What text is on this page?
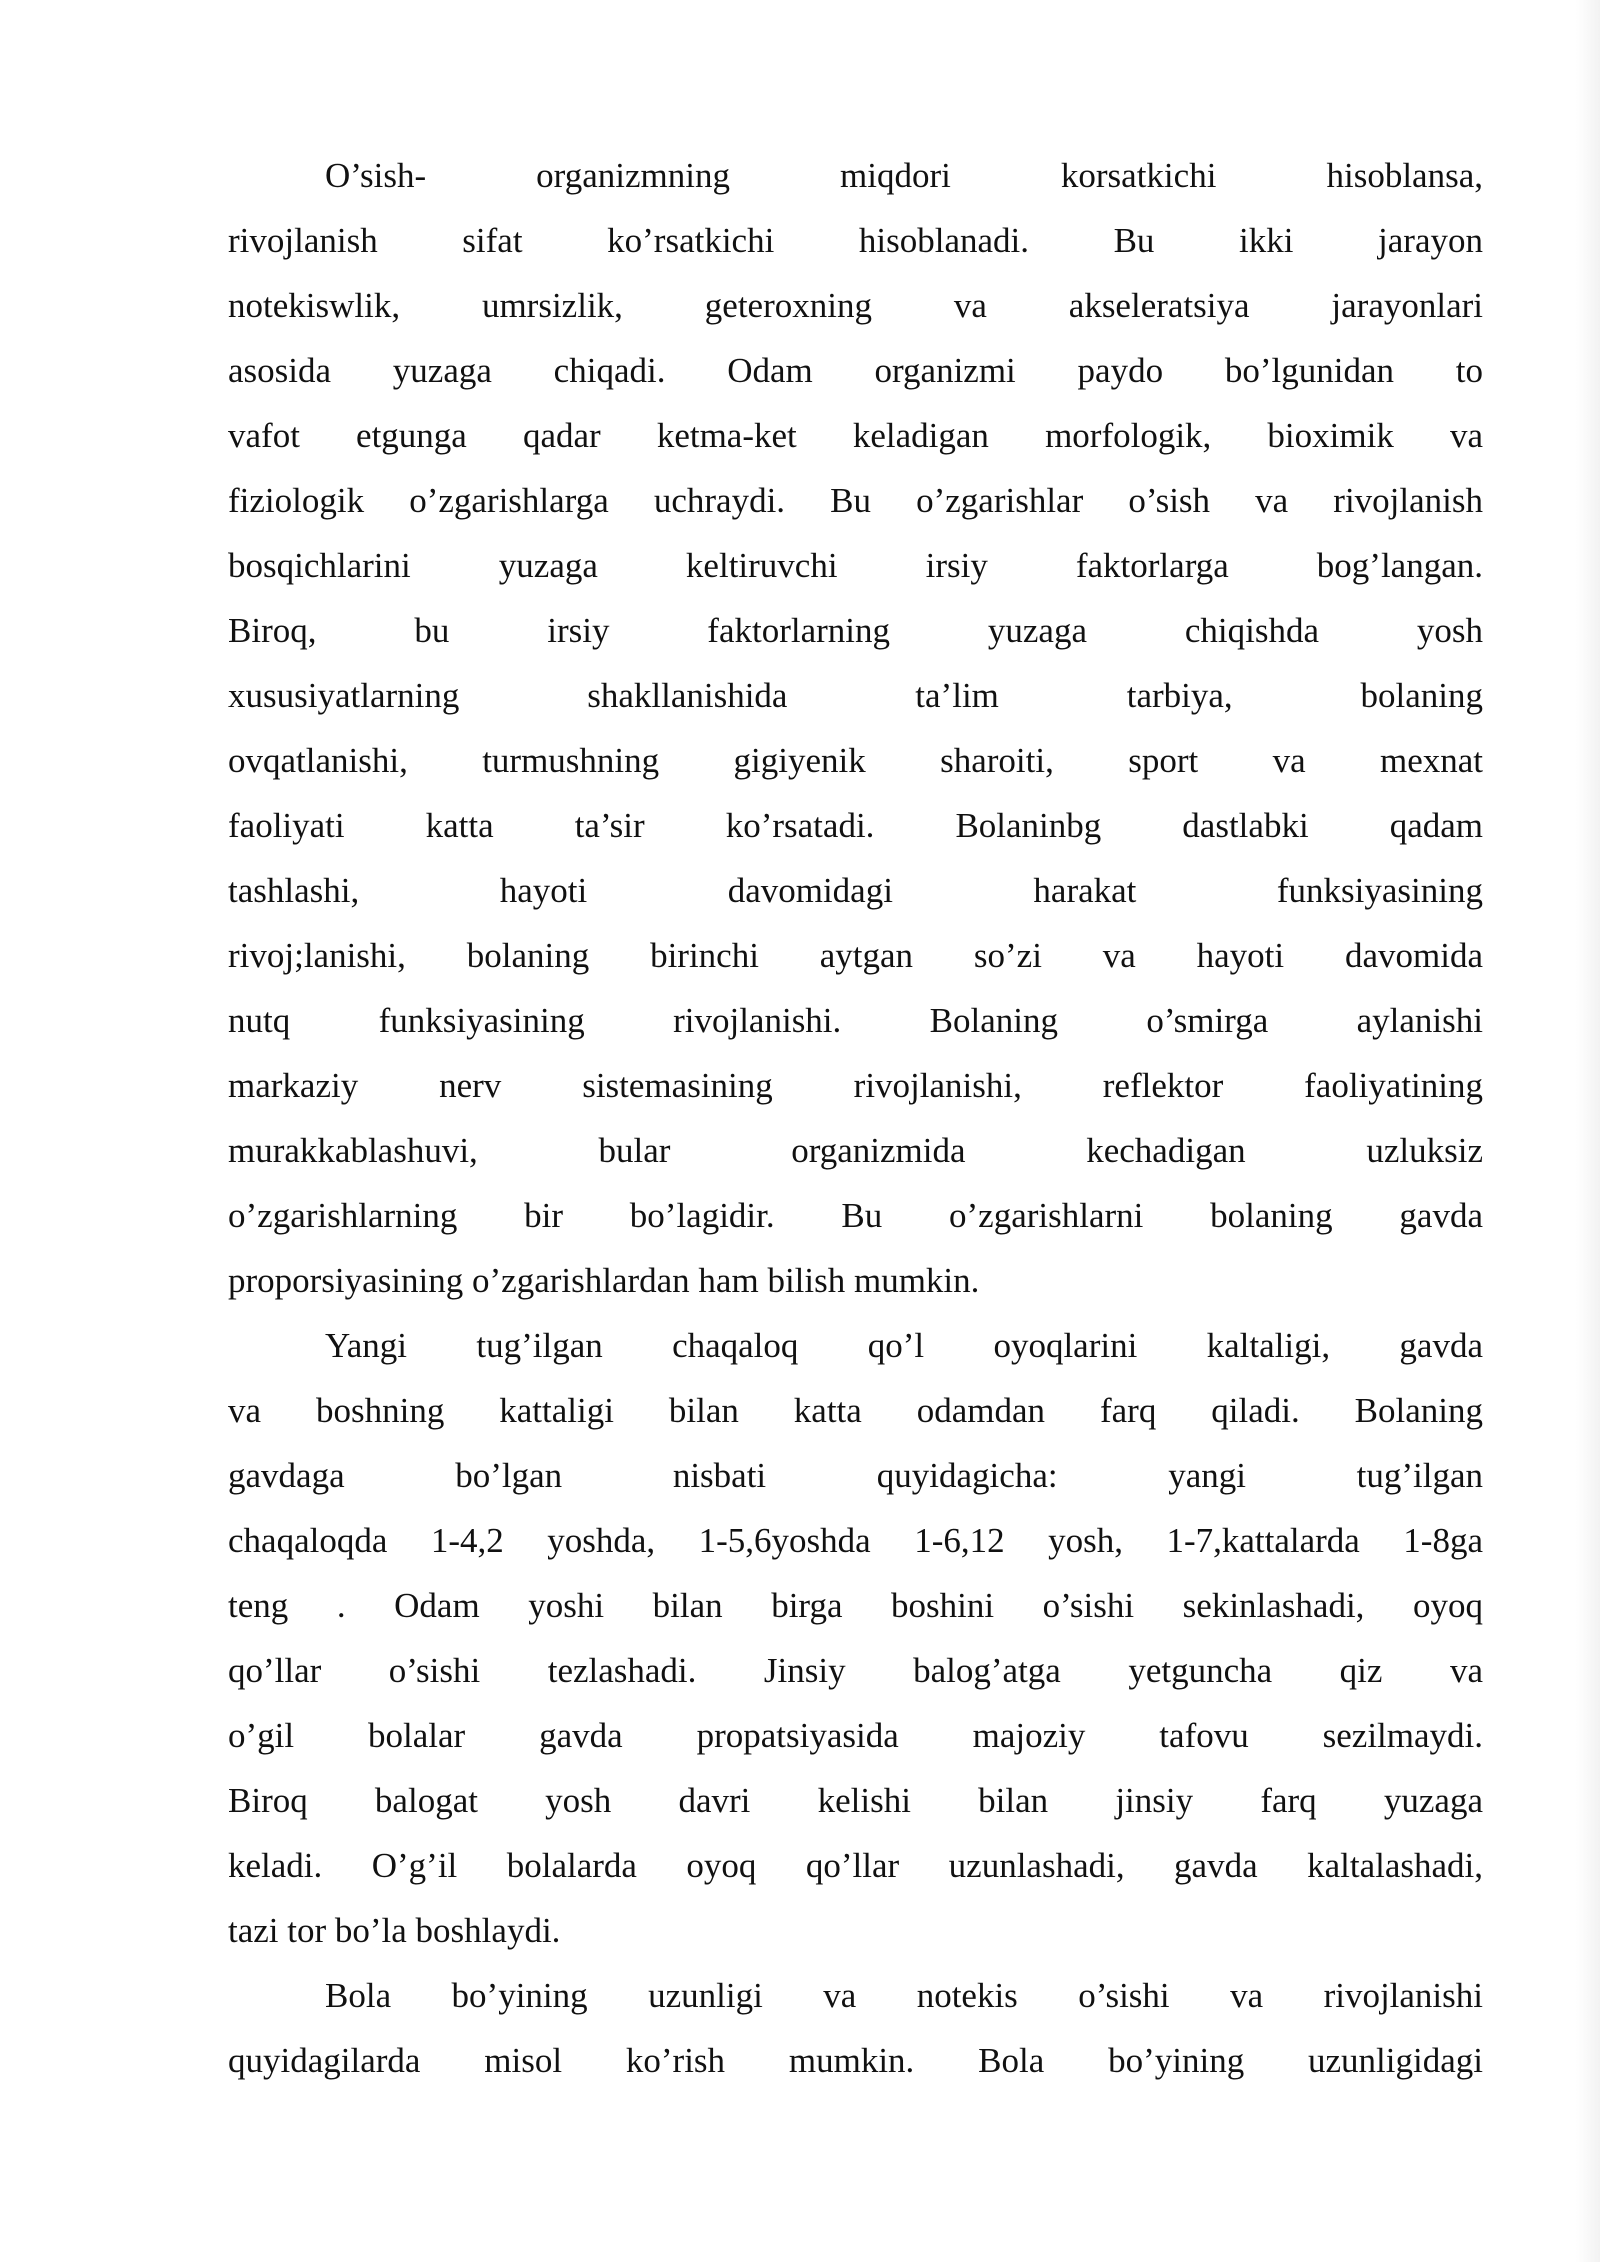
O’sish- organizmning miqdori korsatkichi hisoblansa,
rivojlanish sifat ko’rsatkichi hisoblanadi. Bu ikki jarayon
notekiswlik, umrsizlik, geteroxning va akseleratsiya jarayonlari
asosida yuzaga chiqadi. Odam organizmi paydo bo’lgunidan to
vafot etgunga qadar ketma-ket keladigan morfologik, bioximik va
fiziologik o’zgarishlarga uchraydi. Bu o’zgarishlar o’sish va rivojlanish
bosqichlarini yuzaga keltiruvchi irsiy faktorlarga bog’langan.
Biroq, bu irsiy faktorlarning yuzaga chiqishda yosh
xususiyatlarning shakllanishida ta’lim tarbiya, bolaning
ovqatlanishi, turmushning gigiyenik sharoiti, sport va mexnat
faoliyati katta ta’sir ko’rsatadi. Bolaninbg dastlabki qadam
tashlashi, hayoti davomidagi harakat funksiyasining
rivoj;lanishi, bolaning birinchi aytgan so’zi va hayoti davomida
nutq funksiyasining rivojlanishi. Bolaning o’smirga aylanishi
markaziy nerv sistemasining rivojlanishi, reflektor faoliyatining
murakkablashuvi, bular organizmida kechadigan uzluksiz
o’zgarishlarning bir bo’lagidir. Bu o’zgarishlarni bolaning gavda
proporsiyasining o’zgarishlardan ham bilish mumkin.
Yangi tug’ilgan chaqaloq qo’l oyoqlarini kaltaligi, gavda
va boshning kattaligi bilan katta odamdan farq qiladi. Bolaning
gavdaga bo’lgan nisbati quyidagicha: yangi tug’ilgan
chaqaloqda 1-4,2 yoshda, 1-5,6yoshda 1-6,12 yosh, 1-7,kattalarda 1-8ga
teng . Odam yoshi bilan birga boshini o’sishi sekinlashadi, oyoq
qo’llar o’sishi tezlashadi. Jinsiy balog’atga yetguncha qiz va
o’gil bolalar gavda propatsiyasida majoziy tafovu sezilmaydi.
Biroq balogat yosh davri kelishi bilan jinsiy farq yuzaga
keladi. O’g’il bolalarda oyoq qo’llar uzunlashadi, gavda kaltalashadi,
tazi tor bo’la boshlaydi.
Bola bo’yining uzunligi va notekis o’sishi va rivojlanishi
quyidagilarda misol ko’rish mumkin. Bola bo’yining uzunligidagi
